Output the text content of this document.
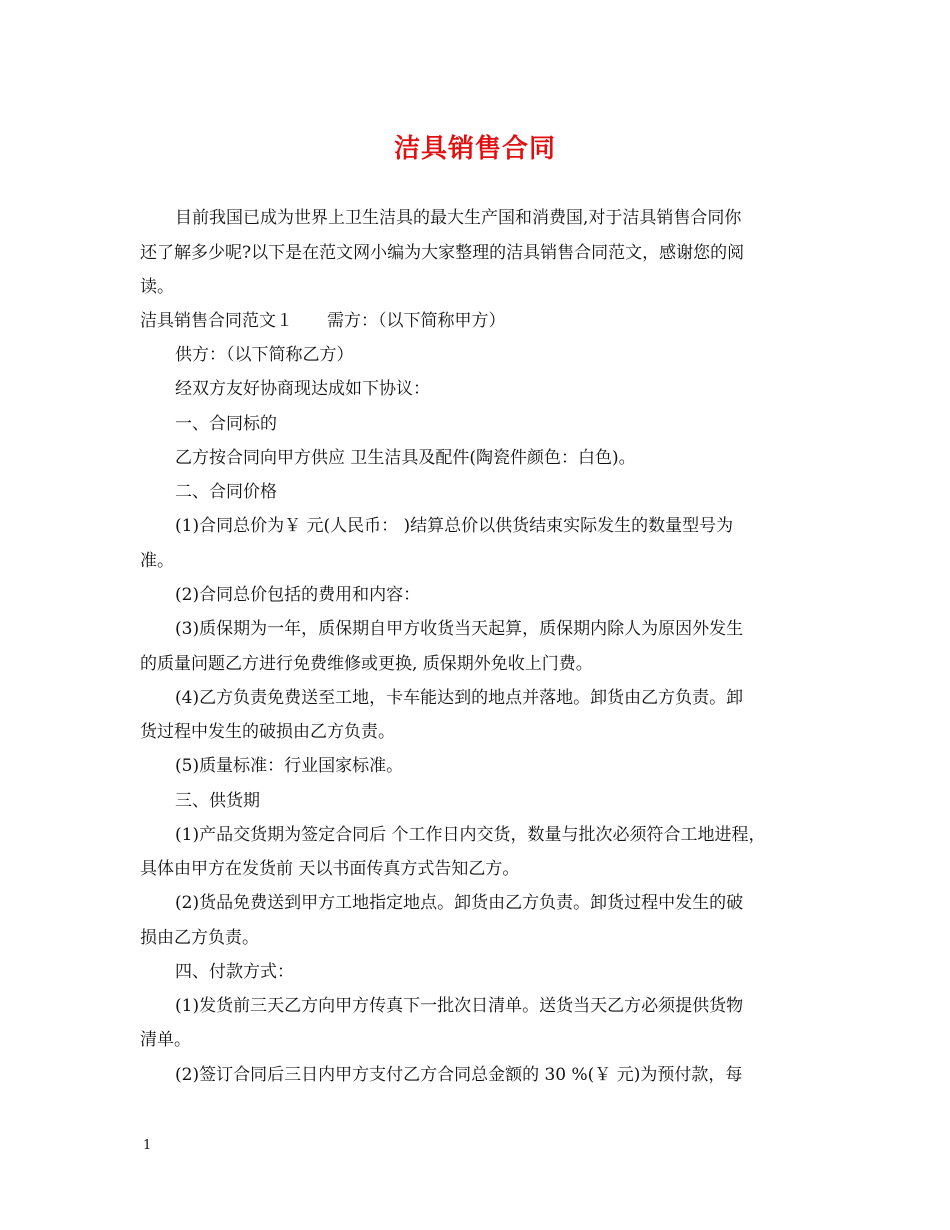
洁具销售合同
目前我国已成为世界上卫生洁具的最大生产国和消费国,对于洁具销售合同你
还了解多少呢?以下是在范文网小编为大家整理的洁具销售合同范文，感谢您的阅
读。
洁具销售合同范文１　　需方：（以下简称甲方）
供方：（以下简称乙方）
经双方友好协商现达成如下协议：
一、合同标的
乙方按合同向甲方供应 卫生洁具及配件(陶瓷件颜色：白色)。
二、合同价格
(1)合同总价为￥ 元(人民币： )结算总价以供货结束实际发生的数量型号为
准。
(2)合同总价包括的费用和内容：
(3)质保期为一年，质保期自甲方收货当天起算，质保期内除人为原因外发生
的质量问题乙方进行免费维修或更换, 质保期外免收上门费。
(4)乙方负责免费送至工地，卡车能达到的地点并落地。卸货由乙方负责。卸
货过程中发生的破损由乙方负责。
(5)质量标准：行业国家标准。
三、供货期
(1)产品交货期为签定合同后 个工作日内交货，数量与批次必须符合工地进程，
具体由甲方在发货前 天以书面传真方式告知乙方。
(2)货品免费送到甲方工地指定地点。卸货由乙方负责。卸货过程中发生的破
损由乙方负责。
四、付款方式：
(1)发货前三天乙方向甲方传真下一批次日清单。送货当天乙方必须提供货物
清单。
(2)签订合同后三日内甲方支付乙方合同总金额的 30 %(￥ 元)为预付款，每
1
